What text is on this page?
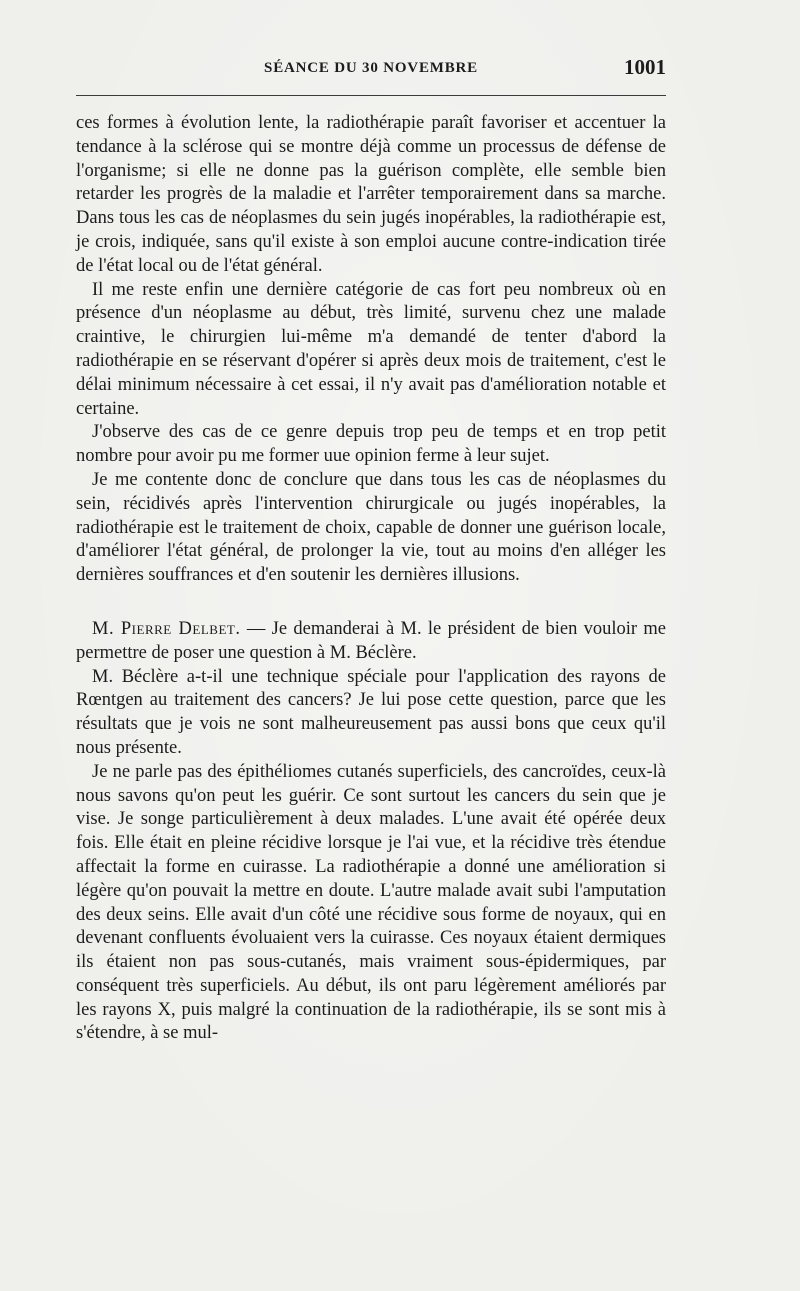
SÉANCE DU 30 NOVEMBRE	1001

ces formes à évolution lente, la radiothérapie paraît favoriser et accentuer la tendance à la sclérose qui se montre déjà comme un processus de défense de l'organisme; si elle ne donne pas la guérison complète, elle semble bien retarder les progrès de la maladie et l'arrêter temporairement dans sa marche. Dans tous les cas de néoplasmes du sein jugés inopérables, la radiothérapie est, je crois, indiquée, sans qu'il existe à son emploi aucune contre-indication tirée de l'état local ou de l'état général.

Il me reste enfin une dernière catégorie de cas fort peu nombreux où en présence d'un néoplasme au début, très limité, survenu chez une malade craintive, le chirurgien lui-même m'a demandé de tenter d'abord la radiothérapie en se réservant d'opérer si après deux mois de traitement, c'est le délai minimum nécessaire à cet essai, il n'y avait pas d'amélioration notable et certaine.

J'observe des cas de ce genre depuis trop peu de temps et en trop petit nombre pour avoir pu me former uue opinion ferme à leur sujet.

Je me contente donc de conclure que dans tous les cas de néoplasmes du sein, récidivés après l'intervention chirurgicale ou jugés inopérables, la radiothérapie est le traitement de choix, capable de donner une guérison locale, d'améliorer l'état général, de prolonger la vie, tout au moins d'en alléger les dernières souffrances et d'en soutenir les dernières illusions.

M. Pierre Delbet. — Je demanderai à M. le président de bien vouloir me permettre de poser une question à M. Béclère.

M. Béclère a-t-il une technique spéciale pour l'application des rayons de Rœntgen au traitement des cancers? Je lui pose cette question, parce que les résultats que je vois ne sont malheureusement pas aussi bons que ceux qu'il nous présente.

Je ne parle pas des épithéliomes cutanés superficiels, des cancroïdes, ceux-là nous savons qu'on peut les guérir. Ce sont surtout les cancers du sein que je vise. Je songe particulièrement à deux malades. L'une avait été opérée deux fois. Elle était en pleine récidive lorsque je l'ai vue, et la récidive très étendue affectait la forme en cuirasse. La radiothérapie a donné une amélioration si légère qu'on pouvait la mettre en doute. L'autre malade avait subi l'amputation des deux seins. Elle avait d'un côté une récidive sous forme de noyaux, qui en devenant confluents évoluaient vers la cuirasse. Ces noyaux étaient dermiques ils étaient non pas sous-cutanés, mais vraiment sous-épidermiques, par conséquent très superficiels. Au début, ils ont paru légèrement améliorés par les rayons X, puis malgré la continuation de la radiothérapie, ils se sont mis à s'étendre, à se mul-
